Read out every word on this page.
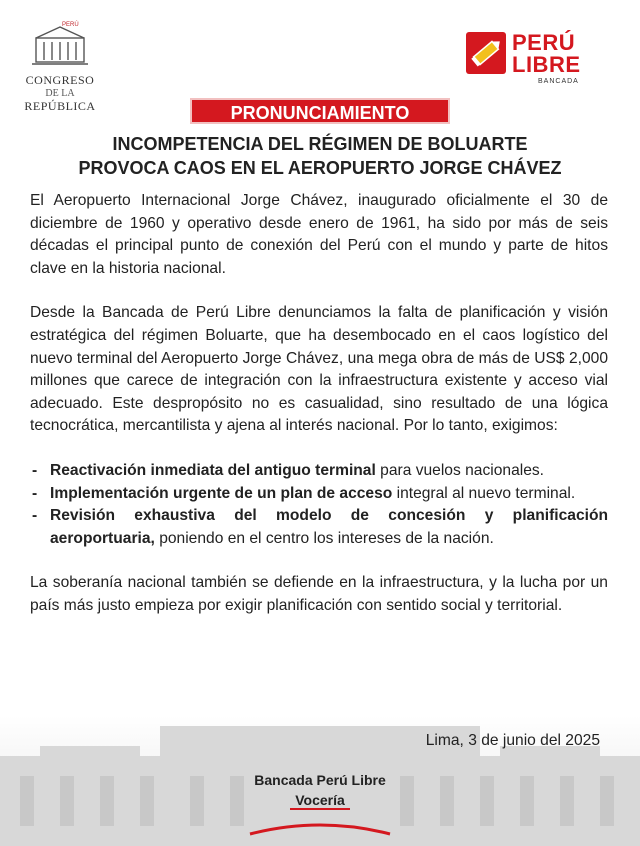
PERÚ
CONGRESO
DE LA
REPÚBLICA
PERÚ
LIBRE
BANCADA
PRONUNCIAMIENTO
INCOMPETENCIA DEL RÉGIMEN DE BOLUARTE
PROVOCA CAOS EN EL AEROPUERTO JORGE CHÁVEZ

El Aeropuerto Internacional Jorge Chávez, inaugurado oficialmente el 30 de diciembre de 1960 y operativo desde enero de 1961, ha sido por más de seis décadas el principal punto de conexión del Perú con el mundo y parte de hitos clave en la historia nacional.

Desde la Bancada de Perú Libre denunciamos la falta de planificación y visión estratégica del régimen Boluarte, que ha desembocado en el caos logístico del nuevo terminal del Aeropuerto Jorge Chávez, una mega obra de más de US$ 2,000 millones que carece de integración con la infraestructura existente y acceso vial adecuado. Este despropósito no es casualidad, sino resultado de una lógica tecnocrática, mercantilista y ajena al interés nacional. Por lo tanto, exigimos:

- Reactivación inmediata del antiguo terminal para vuelos nacionales.
- Implementación urgente de un plan de acceso integral al nuevo terminal.
- Revisión exhaustiva del modelo de concesión y planificación aeroportuaria, poniendo en el centro los intereses de la nación.

La soberanía nacional también se defiende en la infraestructura, y la lucha por un país más justo empieza por exigir planificación con sentido social y territorial.

Lima, 3 de junio del 2025
Bancada Perú Libre
Vocería
